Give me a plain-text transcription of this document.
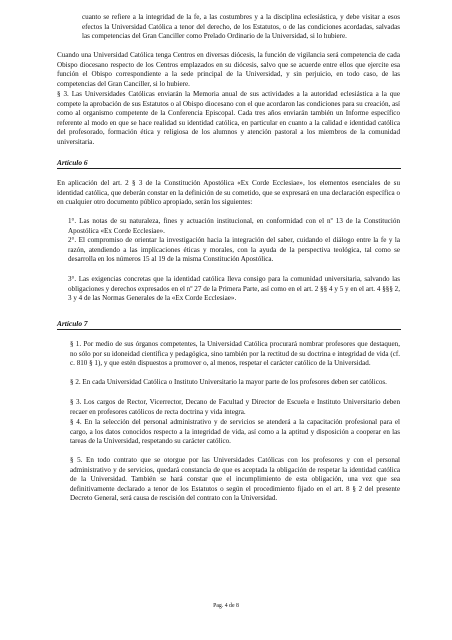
cuanto se refiere a la integridad de la fe, a las costumbres y a la disciplina eclesiástica, y debe visitar a esos efectos la Universidad Católica a tenor del derecho, de los Estatutos, o de las condiciones acordadas, salvadas las competencias del Gran Canciller como Prelado Ordinario de la Universidad, si lo hubiere.

Cuando una Universidad Católica tenga Centros en diversas diócesis, la función de vigilancia será competencia de cada Obispo diocesano respecto de los Centros emplazados en su diócesis, salvo que se acuerde entre ellos que ejercite esa función el Obispo correspondiente a la sede principal de la Universidad, y sin perjuicio, en todo caso, de las competencias del Gran Canciller, si lo hubiere.

§ 3. Las Universidades Católicas enviarán la Memoria anual de sus actividades a la autoridad eclesiástica a la que compete la aprobación de sus Estatutos o al Obispo diocesano con el que acordaron las condiciones para su creación, así como al organismo competente de la Conferencia Episcopal. Cada tres años enviarán también un Informe específico referente al modo en que se hace realidad su identidad católica, en particular en cuanto a la calidad e identidad católica del profesorado, formación ética y religiosa de los alumnos y atención pastoral a los miembros de la comunidad universitaria.

Artículo 6

En aplicación del art. 2 § 3 de la Constitución Apostólica «Ex Corde Ecclesiae», los elementos esenciales de su identidad católica, que deberán constar en la definición de su cometido, que se expresará en una declaración específica o en cualquier otro documento público apropiado, serán los siguientes:

1°. Las notas de su naturaleza, fines y actuación institucional, en conformidad con el nº 13 de la Constitución Apostólica «Ex Corde Ecclesiae».

2°. El compromiso de orientar la investigación hacia la integración del saber, cuidando el diálogo entre la fe y la razón, atendiendo a las implicaciones éticas y morales, con la ayuda de la perspectiva teológica, tal como se desarrolla en los números 15 al 19 de la misma Constitución Apostólica.

3°. Las exigencias concretas que la identidad católica lleva consigo para la comunidad universitaria, salvando las obligaciones y derechos expresados en el nº 27 de la Primera Parte, así como en el art. 2 §§ 4 y 5 y en el art. 4 §§§ 2, 3 y 4 de las Normas Generales de la «Ex Corde Ecclesiae».

Artículo 7

§ 1. Por medio de sus órganos competentes, la Universidad Católica procurará nombrar profesores que destaquen, no sólo por su idoneidad científica y pedagógica, sino también por la rectitud de su doctrina e integridad de vida (cf. c. 810 § 1), y que estén dispuestos a promover o, al menos, respetar el carácter católico de la Universidad.

§ 2. En cada Universidad Católica o Instituto Universitario la mayor parte de los profesores deben ser católicos.

§ 3. Los cargos de Rector, Vicerrector, Decano de Facultad y Director de Escuela e Instituto Universitario deben recaer en profesores católicos de recta doctrina y vida íntegra.

§ 4. En la selección del personal administrativo y de servicios se atenderá a la capacitación profesional para el cargo, a los datos conocidos respecto a la integridad de vida, así como a la aptitud y disposición a cooperar en las tareas de la Universidad, respetando su carácter católico.

§ 5. En todo contrato que se otorgue por las Universidades Católicas con los profesores y con el personal administrativo y de servicios, quedará constancia de que es aceptada la obligación de respetar la identidad católica de la Universidad. También se hará constar que el incumplimiento de esta obligación, una vez que sea definitivamente declarado a tenor de los Estatutos o según el procedimiento fijado en el art. 8 § 2 del presente Decreto General, será causa de rescisión del contrato con la Universidad.

Pag. 4 de 8
